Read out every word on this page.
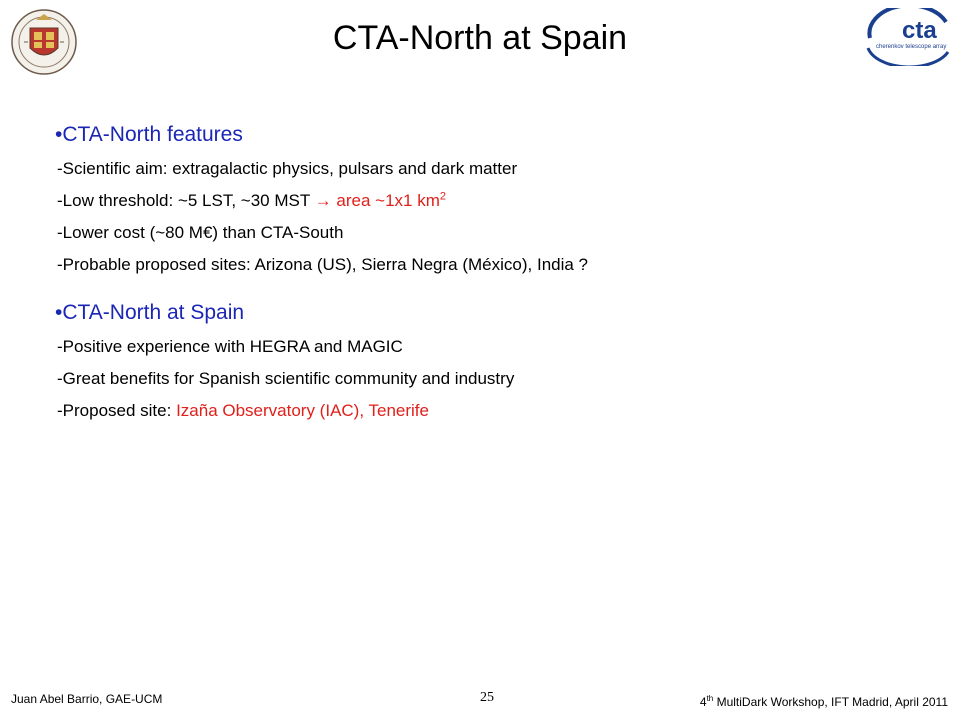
cta
cherenkov telescope array
CTA-North at Spain
•CTA-North features
-Scientific aim: extragalactic physics, pulsars and dark matter
-Low threshold: ~5 LST, ~30 MST → area ~1x1 $km^2$
-Lower cost (~80 M€) than CTA-South
-Probable proposed sites: Arizona (US), Sierra Negra (México), India ?
•CTA-North at Spain
-Positive experience with HEGRA and MAGIC
-Great benefits for Spanish scientific community and industry
-Proposed site: Izaña Observatory (IAC), Tenerife
Juan Abel Barrio, GAE-UCM	25	4th MultiDark Workshop, IFT Madrid, April 2011
